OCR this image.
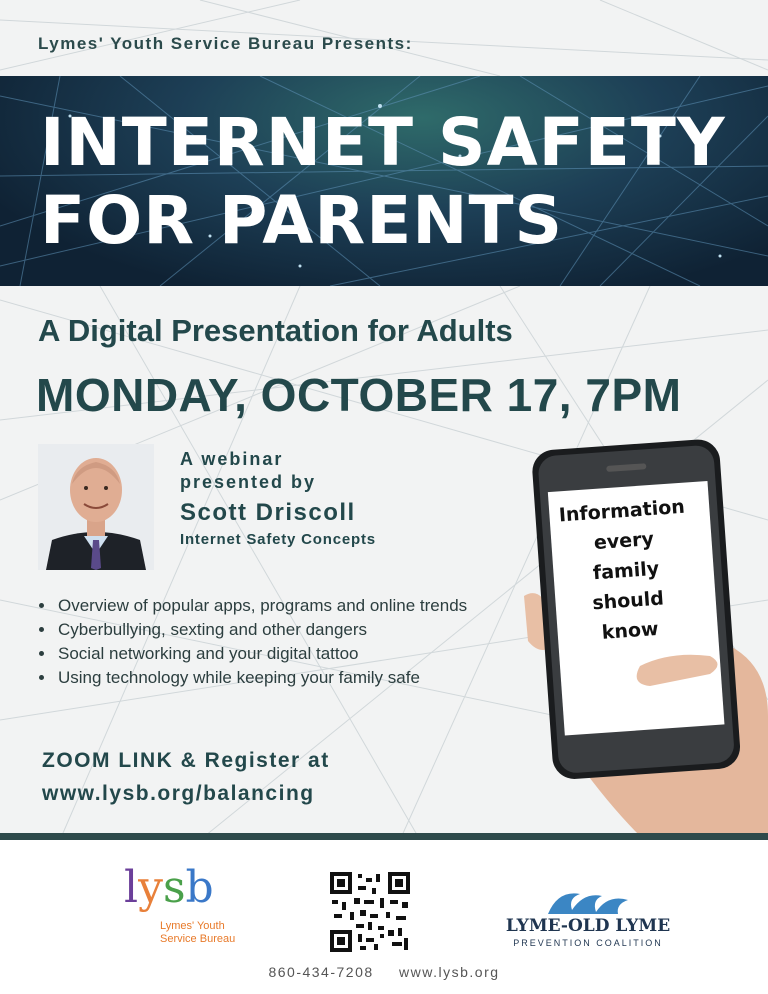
Lymes' Youth Service Bureau Presents:
INTERNET SAFETY
FOR PARENTS
A Digital Presentation for Adults
MONDAY, OCTOBER 17, 7PM
A webinar
presented by
Scott Driscoll
Internet Safety Concepts
• Overview of popular apps, programs and online trends
• Cyberbullying, sexting and other dangers
• Social networking and your digital tattoo
• Using technology while keeping your family safe
ZOOM LINK & Register at
www.lysb.org/balancing
Information
every
family
should
know
lysb
Lymes' Youth
Service Bureau
LYME-OLD LYME
PREVENTION COALITION
860-434-7208 www.lysb.org
